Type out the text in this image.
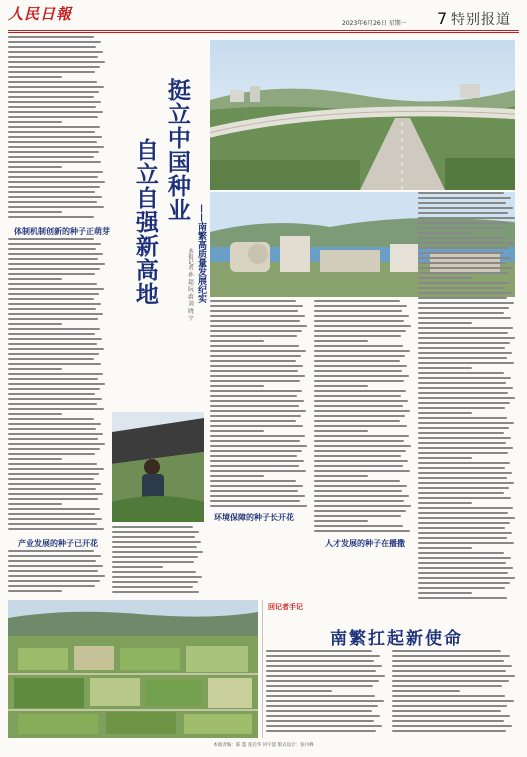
人民日報
2023年6月26日 星期一 7 特别报道
体制机制创新的种子正萌芽
产业发展的种子已开花
挺立中国种业
自立自强新高地	——南繁高质量发展纪实
本报记者 孙 超 阮 蔚 刘 晓 宇
环境保障的种子长开花
人才发展的种子在播撒
回记者手记
南繁扛起新使命
本版责编：陈 慧 张启华 何宇澄 版式设计：张丹峰
